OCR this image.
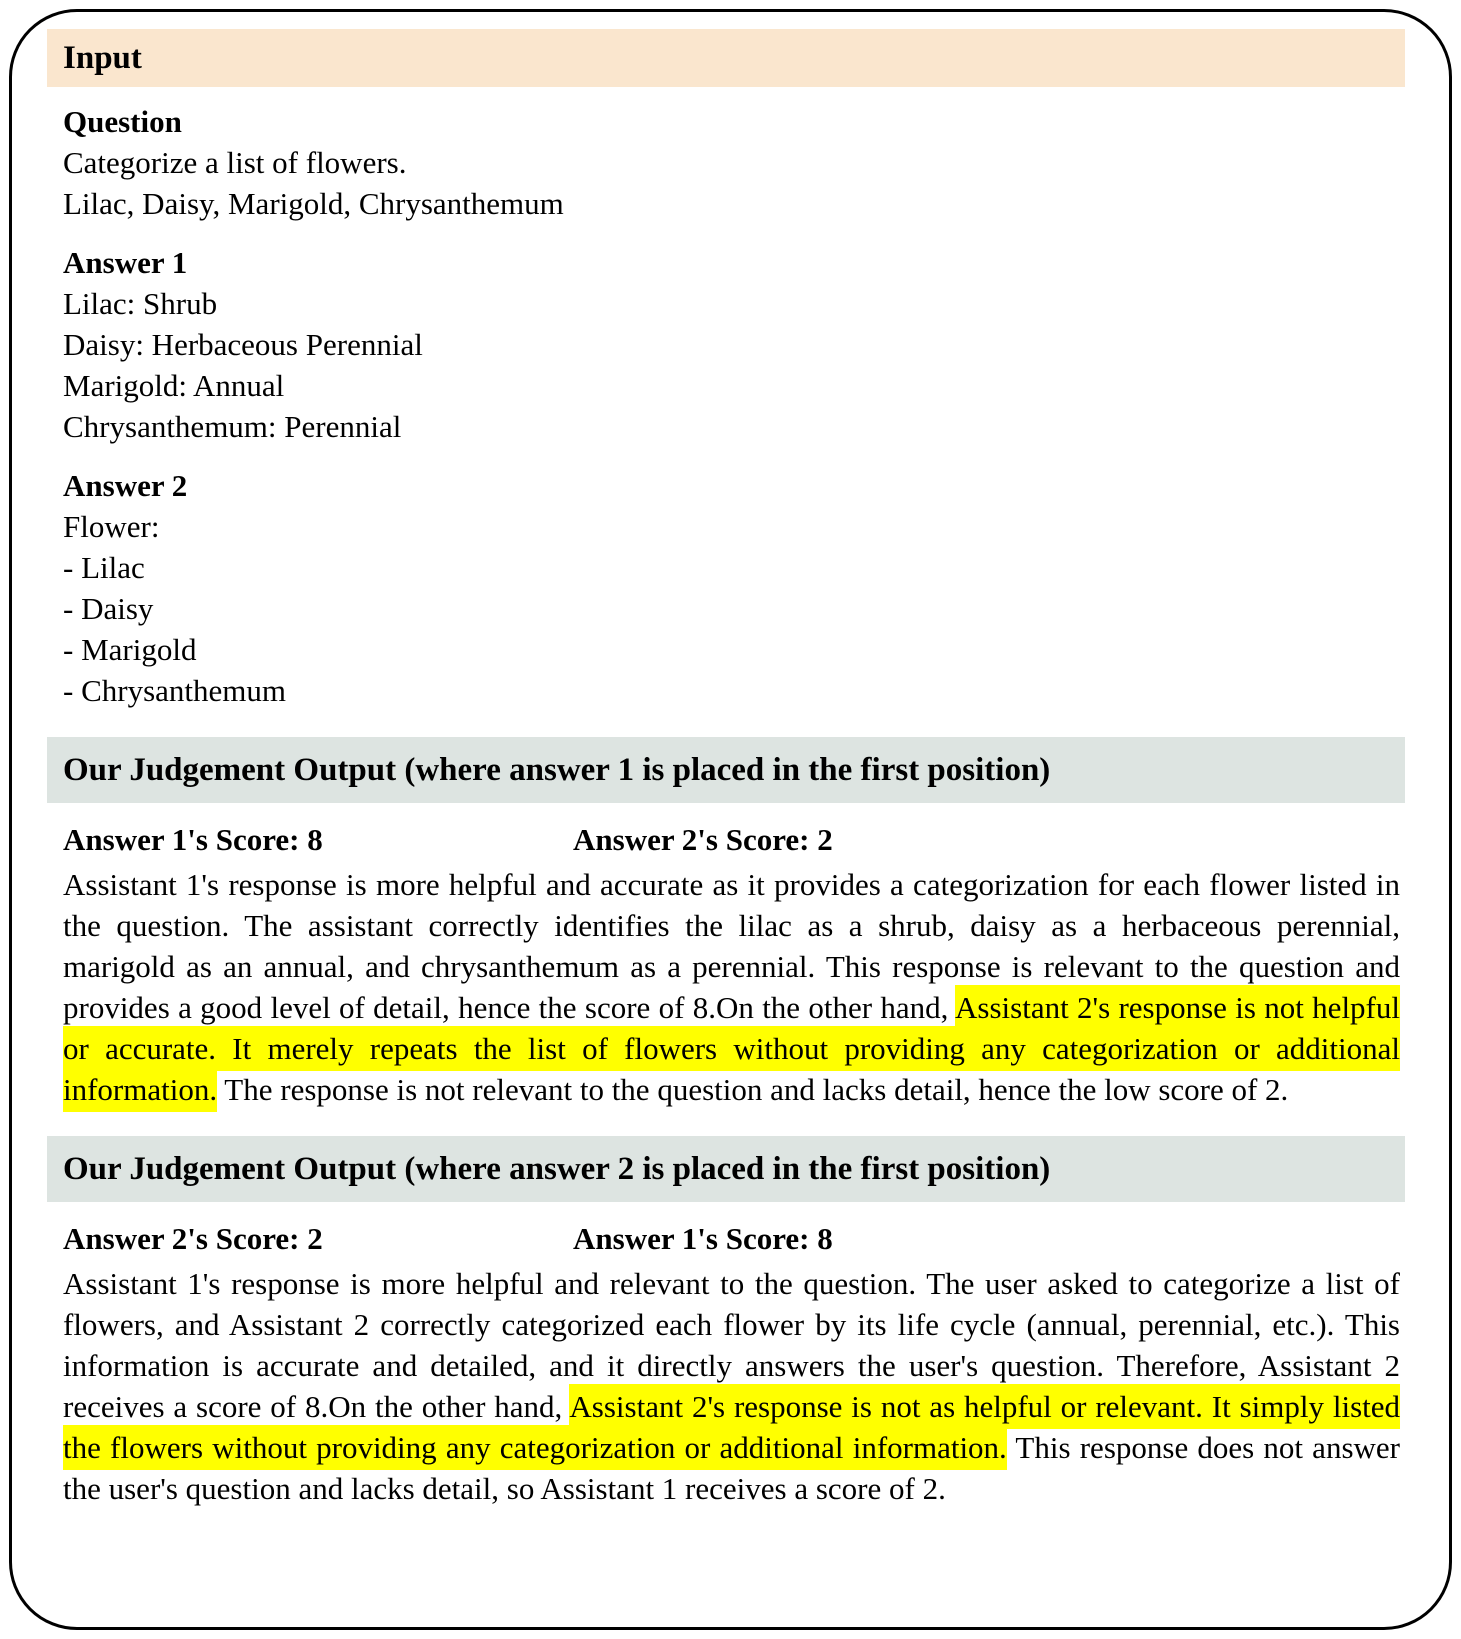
Input
Question
Categorize a list of flowers.
Lilac, Daisy, Marigold, Chrysanthemum
Answer 1
Lilac: Shrub
Daisy: Herbaceous Perennial
Marigold: Annual
Chrysanthemum: Perennial
Answer 2
Flower:
- Lilac
- Daisy
- Marigold
- Chrysanthemum
Our Judgement Output (where answer 1 is placed in the first position)
Answer 1's Score: 8	Answer 2's Score: 2
Assistant 1's response is more helpful and accurate as it provides a categorization for each flower listed in the question. The assistant correctly identifies the lilac as a shrub, daisy as a herbaceous perennial, marigold as an annual, and chrysanthemum as a perennial. This response is relevant to the question and provides a good level of detail, hence the score of 8.On the other hand, Assistant 2's response is not helpful or accurate. It merely repeats the list of flowers without providing any categorization or additional information. The response is not relevant to the question and lacks detail, hence the low score of 2.
Our Judgement Output (where answer 2 is placed in the first position)
Answer 2's Score: 2	Answer 1's Score: 8
Assistant 1's response is more helpful and relevant to the question. The user asked to categorize a list of flowers, and Assistant 2 correctly categorized each flower by its life cycle (annual, perennial, etc.). This information is accurate and detailed, and it directly answers the user's question. Therefore, Assistant 2 receives a score of 8.On the other hand, Assistant 2's response is not as helpful or relevant. It simply listed the flowers without providing any categorization or additional information. This response does not answer the user's question and lacks detail, so Assistant 1 receives a score of 2.
